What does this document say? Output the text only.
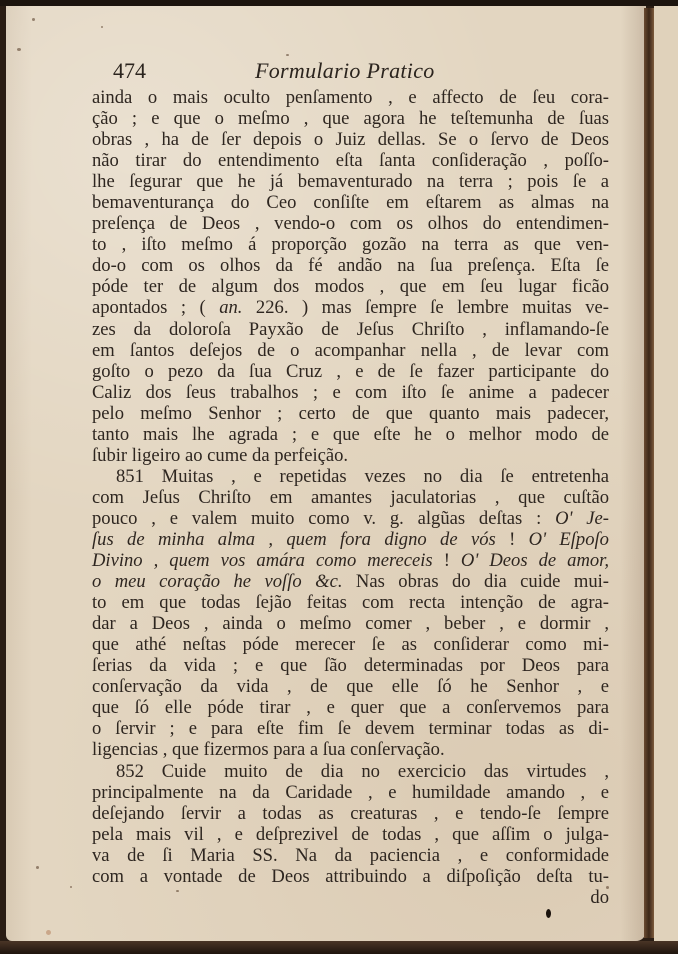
474	Formulario Pratico
ainda o mais oculto penſamento , e affecto de ſeu cora-
ção ; e que o meſmo , que agora he teſtemunha de ſuas
obras , ha de ſer depois o Juiz dellas. Se o ſervo de Deos
não tirar do entendimento eſta ſanta conſideração , poſſo-
lhe ſegurar que he já bemaventurado na terra ; pois ſe a
bemaventurança do Ceo conſiſte em eſtarem as almas na
preſença de Deos , vendo-o com os olhos do entendimen-
to , iſto meſmo á proporção gozão na terra as que ven-
do-o com os olhos da fé andão na ſua preſença. Eſta ſe
póde ter de algum dos modos , que em ſeu lugar ficão
apontados ; ( an. 226. ) mas ſempre ſe lembre muitas ve-
zes da doloroſa Payxão de Jeſus Chriſto , inflamando-ſe
em ſantos deſejos de o acompanhar nella , de levar com
goſto o pezo da ſua Cruz , e de ſe fazer participante do
Caliz dos ſeus trabalhos ; e com iſto ſe anime a padecer
pelo meſmo Senhor ; certo de que quanto mais padecer,
tanto mais lhe agrada ; e que eſte he o melhor modo de
ſubir ligeiro ao cume da perfeição.
851 Muitas , e repetidas vezes no dia ſe entretenha
com Jeſus Chriſto em amantes jaculatorias , que cuſtão
pouco , e valem muito como v. g. algũas deſtas : O' Je-
ſus de minha alma , quem fora digno de vós ! O' Eſpoſo
Divino , quem vos amára como mereceis ! O' Deos de amor,
o meu coração he voſſo &c. Nas obras do dia cuide mui-
to em que todas ſejão feitas com recta intenção de agra-
dar a Deos , ainda o meſmo comer , beber , e dormir ,
que athé neſtas póde merecer ſe as conſiderar como mi-
ſerias da vida ; e que ſão determinadas por Deos para
conſervação da vida , de que elle ſó he Senhor , e
que ſó elle póde tirar , e quer que a conſervemos para
o ſervir ; e para eſte fim ſe devem terminar todas as di-
ligencias , que fizermos para a ſua conſervação.
852 Cuide muito de dia no exercicio das virtudes ,
principalmente na da Caridade , e humildade amando , e
deſejando ſervir a todas as creaturas , e tendo-ſe ſempre
pela mais vil , e deſprezivel de todas , que aſſim o julga-
va de ſi Maria SS. Na da paciencia , e conformidade
com a vontade de Deos attribuindo a diſpoſição deſta tu-
do
